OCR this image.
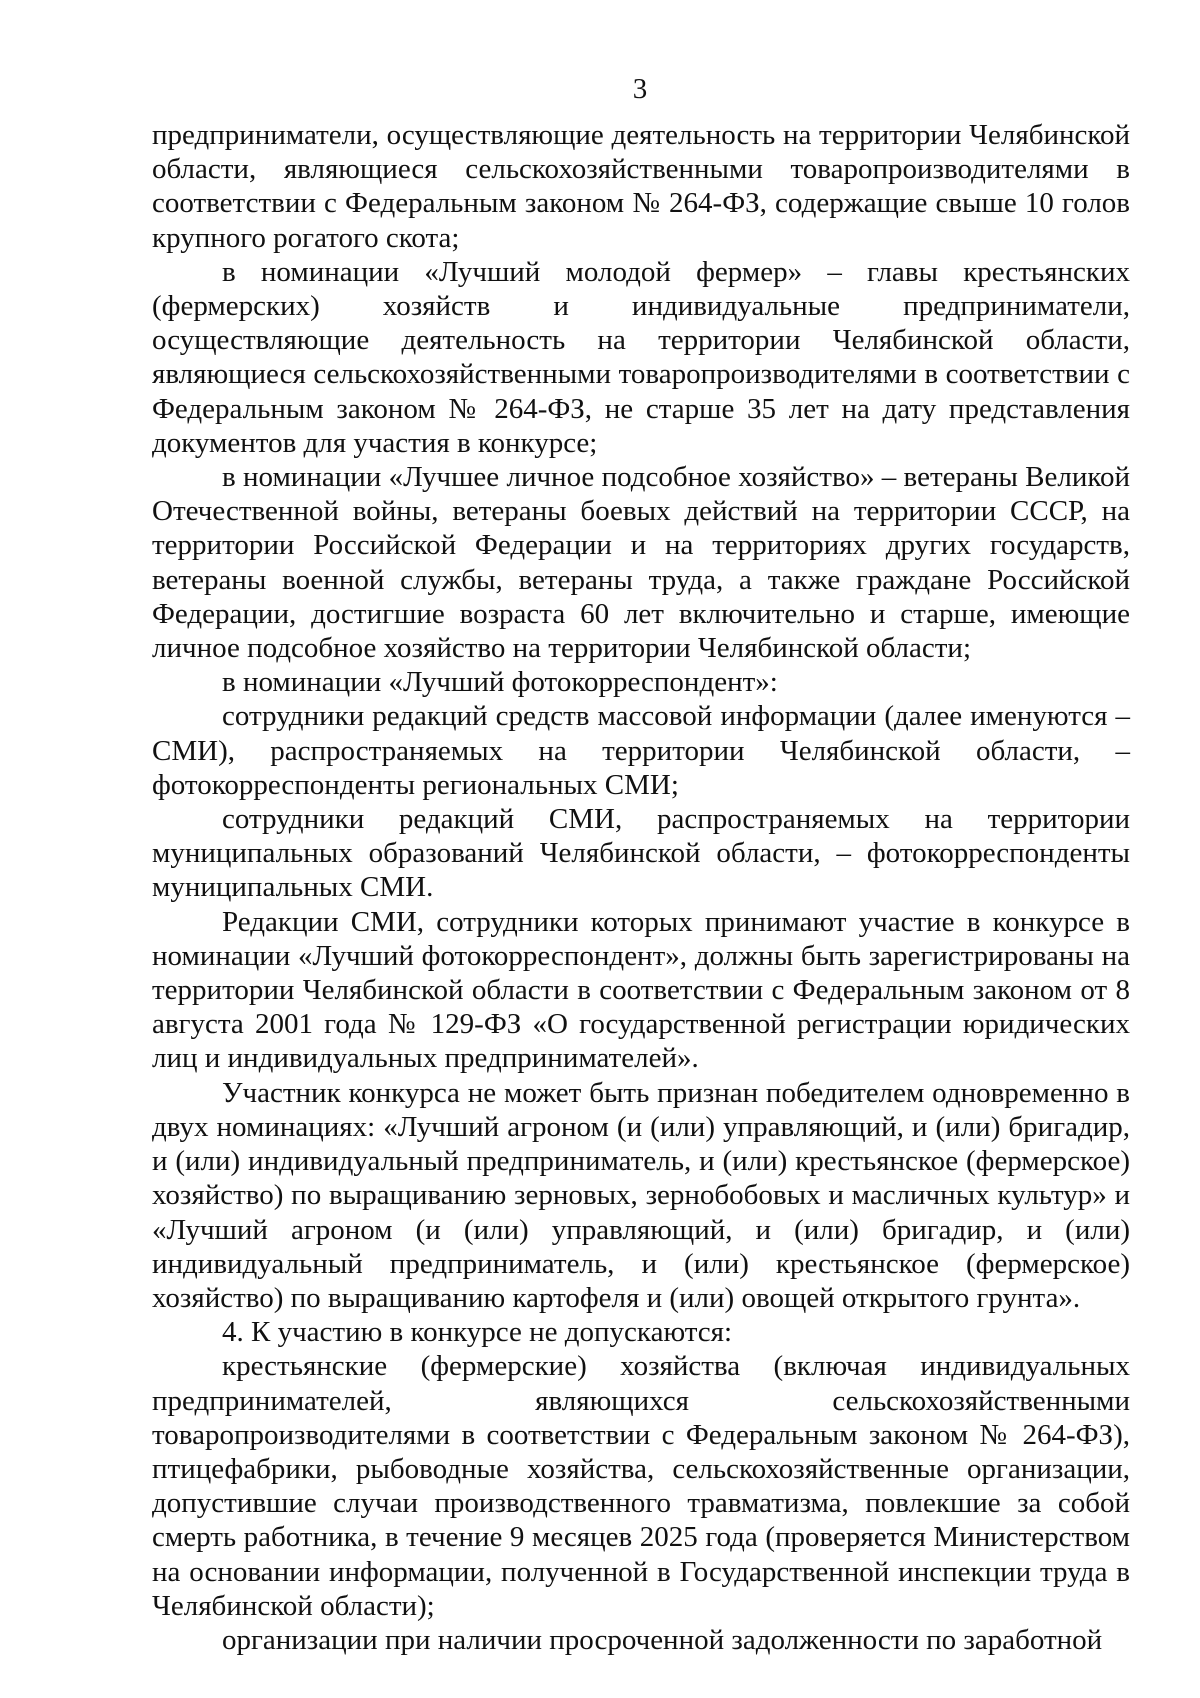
3

предприниматели, осуществляющие деятельность на территории Челябинской области, являющиеся сельскохозяйственными товаропроизводителями в соответствии с Федеральным законом № 264-ФЗ, содержащие свыше 10 голов крупного рогатого скота;

в номинации «Лучший молодой фермер» – главы крестьянских (фермерских) хозяйств и индивидуальные предприниматели, осуществляющие деятельность на территории Челябинской области, являющиеся сельскохозяйственными товаропроизводителями в соответствии с Федеральным законом № 264-ФЗ, не старше 35 лет на дату представления документов для участия в конкурсе;

в номинации «Лучшее личное подсобное хозяйство» – ветераны Великой Отечественной войны, ветераны боевых действий на территории СССР, на территории Российской Федерации и на территориях других государств, ветераны военной службы, ветераны труда, а также граждане Российской Федерации, достигшие возраста 60 лет включительно и старше, имеющие личное подсобное хозяйство на территории Челябинской области;

в номинации «Лучший фотокорреспондент»:

сотрудники редакций средств массовой информации (далее именуются – СМИ), распространяемых на территории Челябинской области, – фотокорреспонденты региональных СМИ;

сотрудники редакций СМИ, распространяемых на территории муниципальных образований Челябинской области, – фотокорреспонденты муниципальных СМИ.

Редакции СМИ, сотрудники которых принимают участие в конкурсе в номинации «Лучший фотокорреспондент», должны быть зарегистрированы на территории Челябинской области в соответствии с Федеральным законом от 8 августа 2001 года № 129-ФЗ «О государственной регистрации юридических лиц и индивидуальных предпринимателей».

Участник конкурса не может быть признан победителем одновременно в двух номинациях: «Лучший агроном (и (или) управляющий, и (или) бригадир, и (или) индивидуальный предприниматель, и (или) крестьянское (фермерское) хозяйство) по выращиванию зерновых, зернобобовых и масличных культур» и «Лучший агроном (и (или) управляющий, и (или) бригадир, и (или) индивидуальный предприниматель, и (или) крестьянское (фермерское) хозяйство) по выращиванию картофеля и (или) овощей открытого грунта».

4. К участию в конкурсе не допускаются:

крестьянские (фермерские) хозяйства (включая индивидуальных предпринимателей, являющихся сельскохозяйственными товаропроизводителями в соответствии с Федеральным законом № 264-ФЗ), птицефабрики, рыбоводные хозяйства, сельскохозяйственные организации, допустившие случаи производственного травматизма, повлекшие за собой смерть работника, в течение 9 месяцев 2025 года (проверяется Министерством на основании информации, полученной в Государственной инспекции труда в Челябинской области);

организации при наличии просроченной задолженности по заработной
